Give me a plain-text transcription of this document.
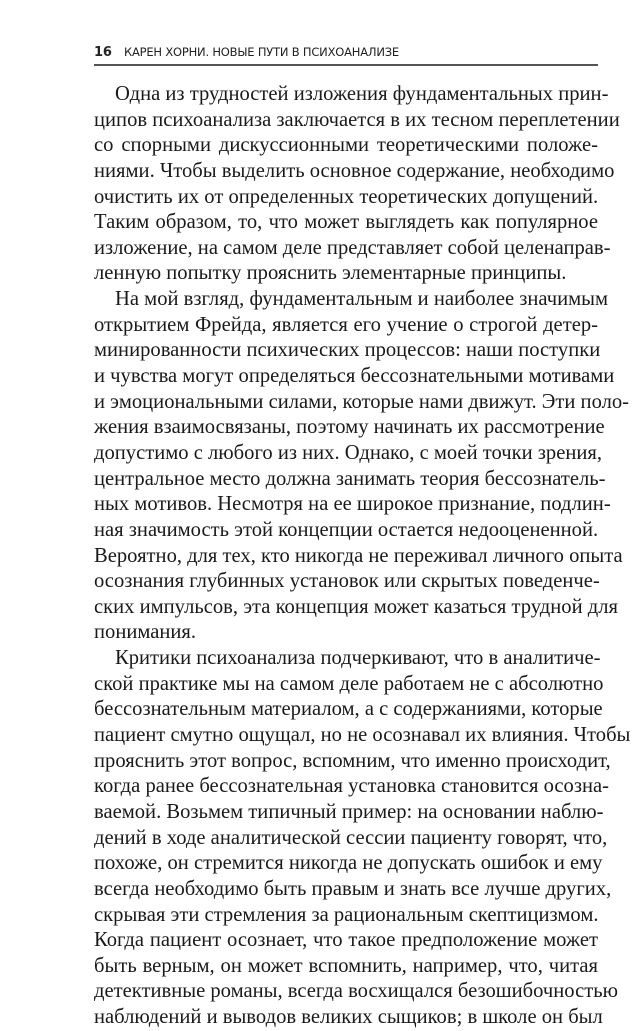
16 КАРЕН ХОРНИ. НОВЫЕ ПУТИ В ПСИХОАНАЛИЗЕ
Одна из трудностей изложения фундаментальных прин-
ципов психоанализа заключается в их тесном переплетении
со спорными дискуссионными теоретическими положе-
ниями. Чтобы выделить основное содержание, необходимо
очистить их от определенных теоретических допущений.
Таким образом, то, что может выглядеть как популярное
изложение, на самом деле представляет собой целенаправ-
ленную попытку прояснить элементарные принципы.
На мой взгляд, фундаментальным и наиболее значимым
открытием Фрейда, является его учение о строгой детер-
минированности психических процессов: наши поступки
и чувства могут определяться бессознательными мотивами
и эмоциональными силами, которые нами движут. Эти поло-
жения взаимосвязаны, поэтому начинать их рассмотрение
допустимо с любого из них. Однако, с моей точки зрения,
центральное место должна занимать теория бессознатель-
ных мотивов. Несмотря на ее широкое признание, подлин-
ная значимость этой концепции остается недооцененной.
Вероятно, для тех, кто никогда не переживал личного опыта
осознания глубинных установок или скрытых поведенче-
ских импульсов, эта концепция может казаться трудной для
понимания.
Критики психоанализа подчеркивают, что в аналитиче-
ской практике мы на самом деле работаем не с абсолютно
бессознательным материалом, а с содержаниями, которые
пациент смутно ощущал, но не осознавал их влияния. Чтобы
прояснить этот вопрос, вспомним, что именно происходит,
когда ранее бессознательная установка становится осозна-
ваемой. Возьмем типичный пример: на основании наблю-
дений в ходе аналитической сессии пациенту говорят, что,
похоже, он стремится никогда не допускать ошибок и ему
всегда необходимо быть правым и знать все лучше других,
скрывая эти стремления за рациональным скептицизмом.
Когда пациент осознает, что такое предположение может
быть верным, он может вспомнить, например, что, читая
детективные романы, всегда восхищался безошибочностью
наблюдений и выводов великих сыщиков; в школе он был
